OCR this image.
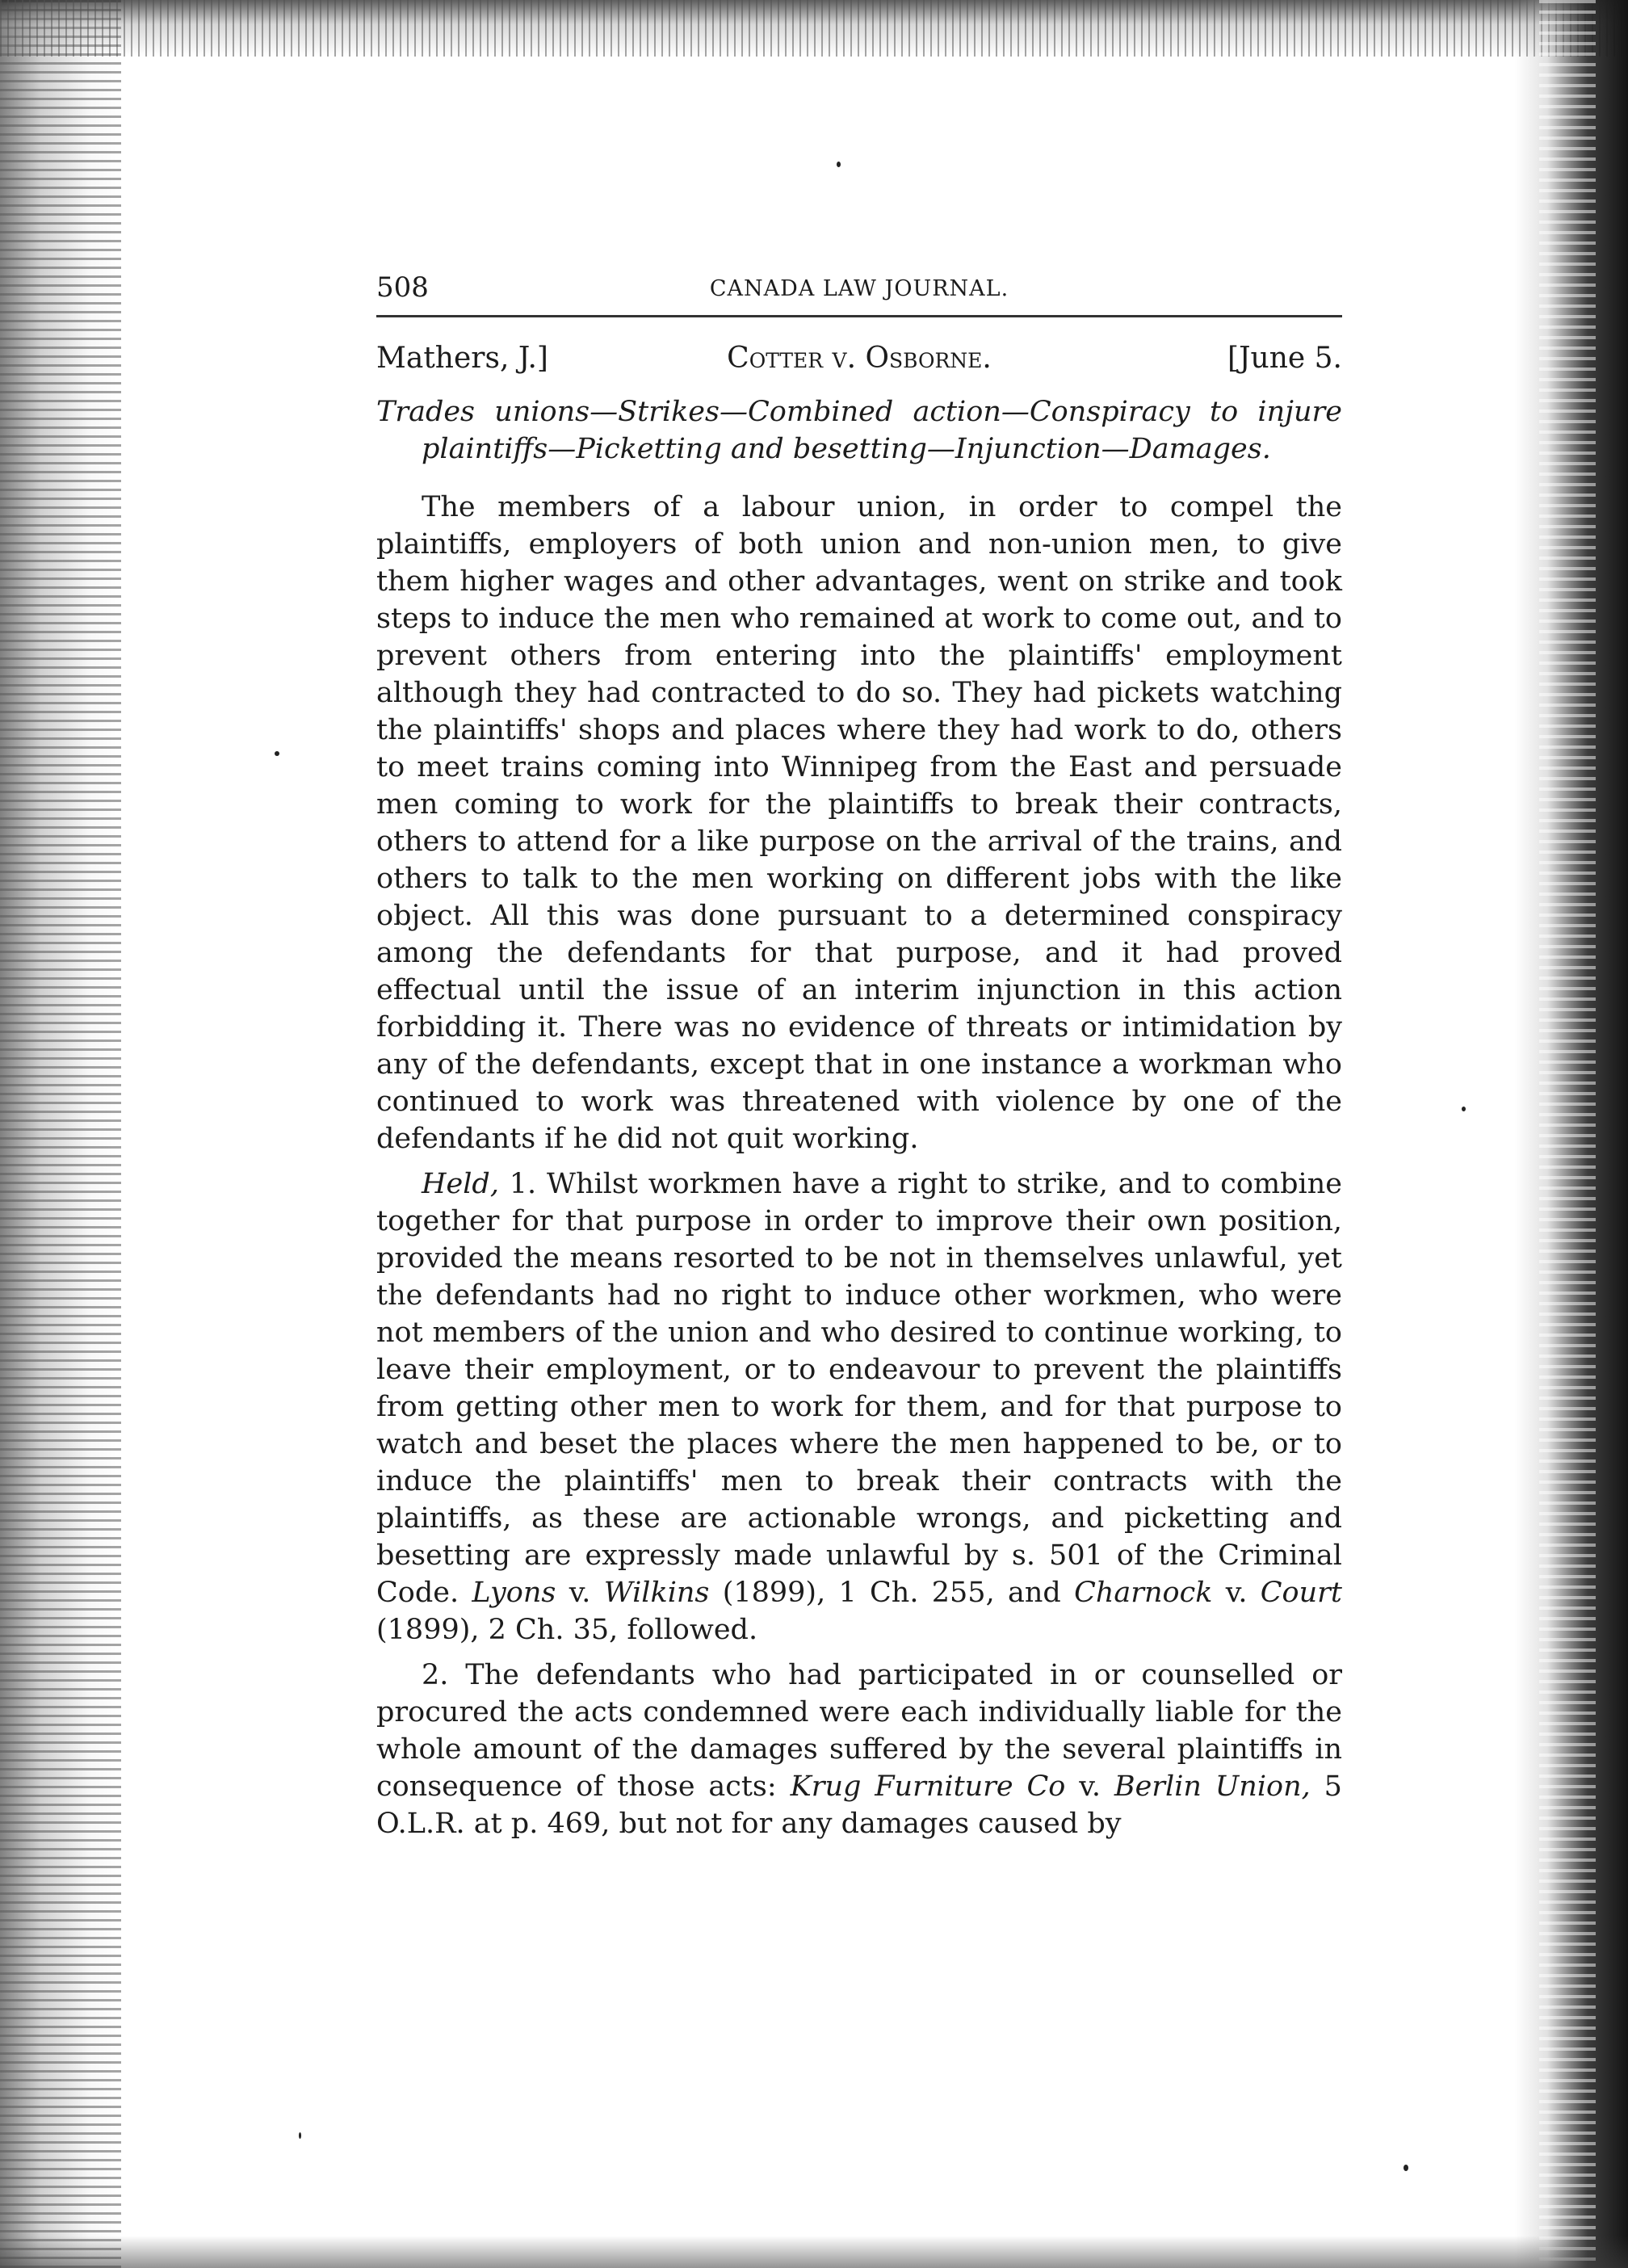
508	CANADA LAW JOURNAL.
Mathers, J.]	Cotter v. Osborne.	[June 5.
Trades unions—Strikes—Combined action—Conspiracy to injure plaintiffs—Picketting and besetting—Injunction—Damages.

The members of a labour union, in order to compel the plaintiffs, employers of both union and non-union men, to give them higher wages and other advantages, went on strike and took steps to induce the men who remained at work to come out, and to prevent others from entering into the plaintiffs' employment although they had contracted to do so. They had pickets watching the plaintiffs' shops and places where they had work to do, others to meet trains coming into Winnipeg from the East and persuade men coming to work for the plaintiffs to break their contracts, others to attend for a like purpose on the arrival of the trains, and others to talk to the men working on different jobs with the like object. All this was done pursuant to a determined conspiracy among the defendants for that purpose, and it had proved effectual until the issue of an interim injunction in this action forbidding it. There was no evidence of threats or intimidation by any of the defendants, except that in one instance a workman who continued to work was threatened with violence by one of the defendants if he did not quit working.

Held, 1. Whilst workmen have a right to strike, and to combine together for that purpose in order to improve their own position, provided the means resorted to be not in themselves unlawful, yet the defendants had no right to induce other workmen, who were not members of the union and who desired to continue working, to leave their employment, or to endeavour to prevent the plaintiffs from getting other men to work for them, and for that purpose to watch and beset the places where the men happened to be, or to induce the plaintiffs' men to break their contracts with the plaintiffs, as these are actionable wrongs, and picketting and besetting are expressly made unlawful by s. 501 of the Criminal Code. Lyons v. Wilkins (1899), 1 Ch. 255, and Charnock v. Court (1899), 2 Ch. 35, followed.

2. The defendants who had participated in or counselled or procured the acts condemned were each individually liable for the whole amount of the damages suffered by the several plaintiffs in consequence of those acts: Krug Furniture Co v. Berlin Union, 5 O.L.R. at p. 469, but not for any damages caused by
